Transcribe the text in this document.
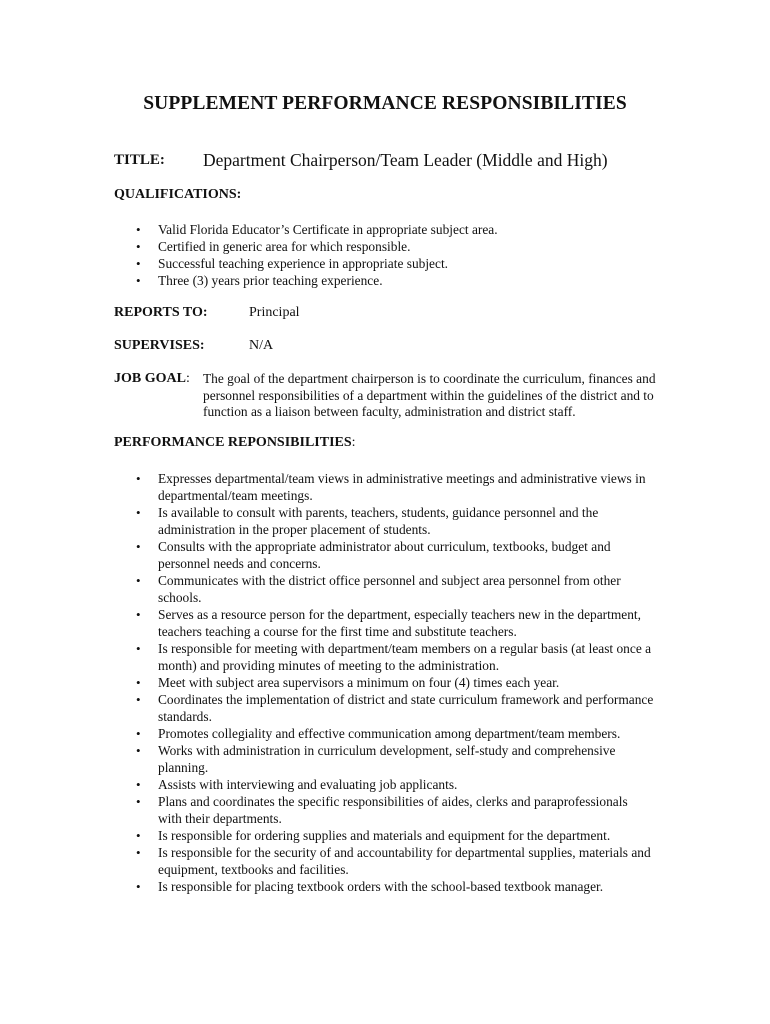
SUPPLEMENT PERFORMANCE RESPONSIBILITIES
TITLE: Department Chairperson/Team Leader (Middle and High)
QUALIFICATIONS:
• Valid Florida Educator’s Certificate in appropriate subject area.
• Certified in generic area for which responsible.
• Successful teaching experience in appropriate subject.
• Three (3) years prior teaching experience.
REPORTS TO:	Principal
SUPERVISES:	N/A
JOB GOAL: The goal of the department chairperson is to coordinate the curriculum, finances and personnel responsibilities of a department within the guidelines of the district and to function as a liaison between faculty, administration and district staff.
PERFORMANCE REPONSIBILITIES:
• Expresses departmental/team views in administrative meetings and administrative views in departmental/team meetings.
• Is available to consult with parents, teachers, students, guidance personnel and the administration in the proper placement of students.
• Consults with the appropriate administrator about curriculum, textbooks, budget and personnel needs and concerns.
• Communicates with the district office personnel and subject area personnel from other schools.
• Serves as a resource person for the department, especially teachers new in the department, teachers teaching a course for the first time and substitute teachers.
• Is responsible for meeting with department/team members on a regular basis (at least once a month) and providing minutes of meeting to the administration.
• Meet with subject area supervisors a minimum on four (4) times each year.
• Coordinates the implementation of district and state curriculum framework and performance standards.
• Promotes collegiality and effective communication among department/team members.
• Works with administration in curriculum development, self-study and comprehensive planning.
• Assists with interviewing and evaluating job applicants.
• Plans and coordinates the specific responsibilities of aides, clerks and paraprofessionals with their departments.
• Is responsible for ordering supplies and materials and equipment for the department.
• Is responsible for the security of and accountability for departmental supplies, materials and equipment, textbooks and facilities.
• Is responsible for placing textbook orders with the school-based textbook manager.
